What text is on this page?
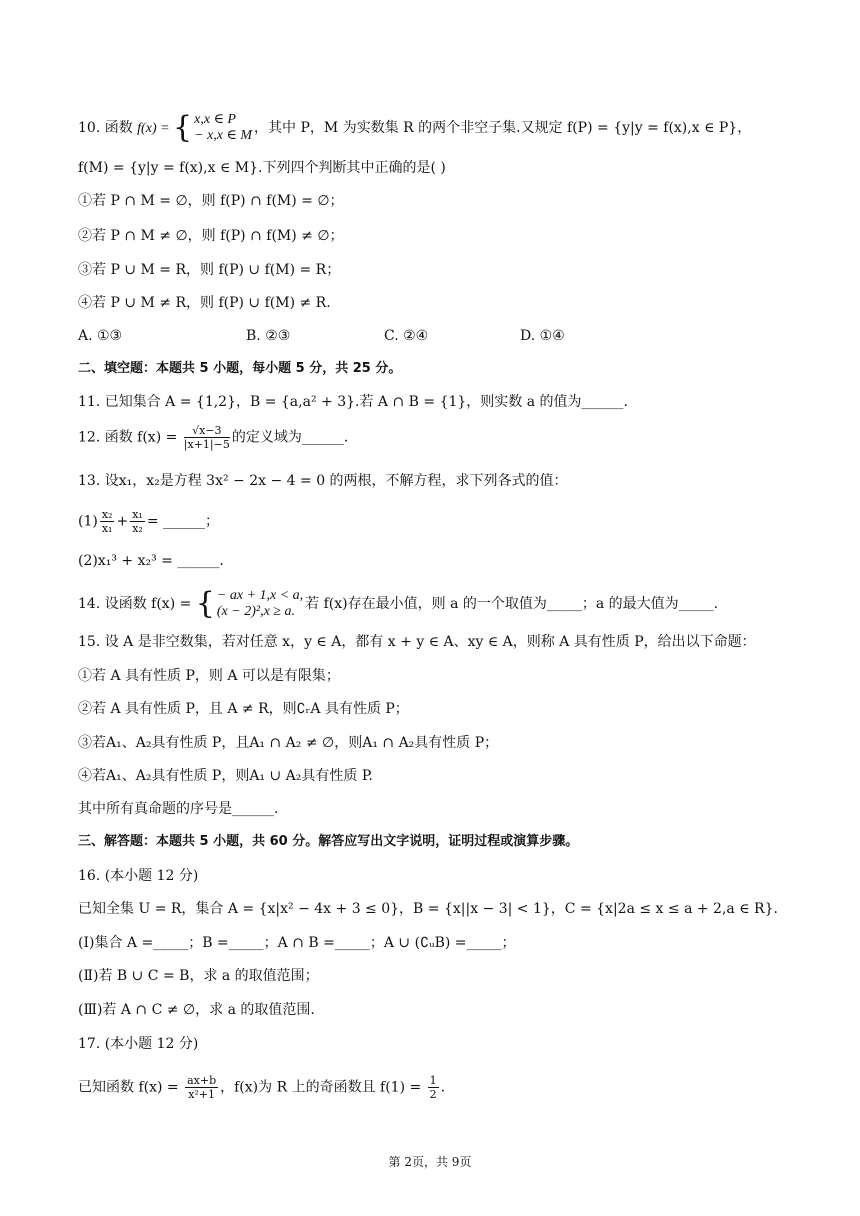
10. 函数 f(x) = { x,x ∈ P
− x,x ∈ M ，其中 P，M 为实数集 R 的两个非空子集.又规定 f(P) = {y|y = f(x),x ∈ P}，
f(M) = {y|y = f(x),x ∈ M}.下列四个判断其中正确的是( )
①若 P ∩ M = ∅，则 f(P) ∩ f(M) = ∅；
②若 P ∩ M ≠ ∅，则 f(P) ∩ f(M) ≠ ∅；
③若 P ∪ M = R，则 f(P) ∪ f(M) = R；
④若 P ∪ M ≠ R，则 f(P) ∪ f(M) ≠ R.
A. ①③	B. ②③	C. ②④	D. ①④
二、填空题：本题共 5 小题，每小题 5 分，共 25 分。
11. 已知集合 A = {1,2}，B = {a,a² + 3}.若 A ∩ B = {1}，则实数 a 的值为______.
12. 函数 $f(x) = \frac{√x-3}{|x+1|-5}$ 的定义域为______.
13. 设x₁，x₂是方程 3x² − 2x − 4 = 0 的两根，不解方程，求下列各式的值：
$(1) \frac{\text{x₂}}{\text{x₁}} + \frac{\text{x₁}}{\text{x₂}}$ = ______；
(2)x₁³ + x₂³ = ______.
14. 设函数 f(x) = { − ax + 1,x < a,
(x − 2)²,x ≥ a. 若 f(x)存在最小值，则 a 的一个取值为_____；a 的最大值为_____.
15. 设 A 是非空数集，若对任意 x，y ∈ A，都有 x + y ∈ A、xy ∈ A，则称 A 具有性质 P，给出以下命题：
①若 A 具有性质 P，则 A 可以是有限集；
②若 A 具有性质 P，且 A ≠ R，则∁ᵣA 具有性质 P；
③若A₁、A₂具有性质 P，且A₁ ∩ A₂ ≠ ∅，则A₁ ∩ A₂具有性质 P；
④若A₁、A₂具有性质 P，则A₁ ∪ A₂具有性质 P.
其中所有真命题的序号是______.
三、解答题：本题共 5 小题，共 60 分。解答应写出文字说明，证明过程或演算步骤。
16. (本小题 12 分)
已知全集 U = R，集合 A = {x|x² − 4x + 3 ≤ 0}，B = {x||x − 3| < 1}，C = {x|2a ≤ x ≤ a + 2,a ∈ R}.
(Ⅰ)集合 A =_____；B =_____；A ∩ B =_____；A ∪ (∁ᵤB) =_____；
(Ⅱ)若 B ∪ C = B，求 a 的取值范围；
(Ⅲ)若 A ∩ C ≠ ∅，求 a 的取值范围.
17. (本小题 12 分)
已知函数 $f(x) = \frac{ax+b}{\text{x²+1}}$ ，f(x)为 R 上的奇函数且 $f(1) = \frac{1}{2}$ .
第 2页，共 9页
